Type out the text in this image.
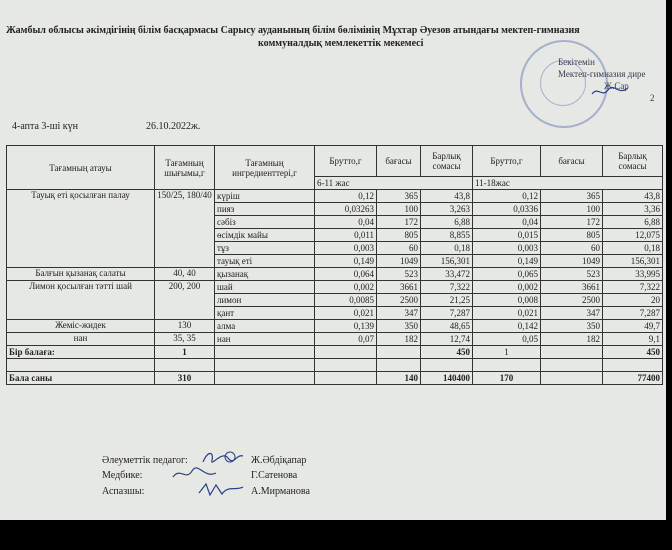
Жамбыл облысы әкімдігінің білім басқармасы Сарысу ауданының білім бөлімінің Мұхтар Әуезов атындағы мектеп-гимназия
коммуналдық мемлекеттік мекемесі
Бекітемін
Мектеп-гимназия дире
Ж.Сар
2
4-апта 3-ші күн	26.10.2022ж.
Тағамның атауы	Тағамның шығымы,г	Тағамның ингредиенттері,г	Брутто,г	бағасы	Барлық сомасы	Брутто,г	бағасы	Барлық сомасы
			6-11 жас			11-18жас		
Тауық еті қосылған палау	150/25, 180/40	күріш	0,12	365	43,8	0,12	365	43,8
		пияз	0,03263	100	3,263	0,0336	100	3,36
		сәбіз	0,04	172	6,88	0,04	172	6,88
		өсімдік майы	0,011	805	8,855	0,015	805	12,075
		тұз	0,003	60	0,18	0,003	60	0,18
		тауық еті	0,149	1049	156,301	0,149	1049	156,301
Балғын қызанақ салаты	40, 40	қызанақ	0,064	523	33,472	0,065	523	33,995
Лимон қосылған тәтті шай	200, 200	шай	0,002	3661	7,322	0,002	3661	7,322
		лимон	0,0085	2500	21,25	0,008	2500	20
		қант	0,021	347	7,287	0,021	347	7,287
Жеміс-жидек	130	алма	0,139	350	48,65	0,142	350	49,7
нан	35, 35	нан	0,07	182	12,74	0,05	182	9,1
Бір балаға:	1				450	1		450

Бала саны	310			140	140400	170		77400
Әлеуметтік педагог:
Медбике:
Аспазшы:
Ж.Әбдіқапар
Г.Сатенова
А.Мирманова
